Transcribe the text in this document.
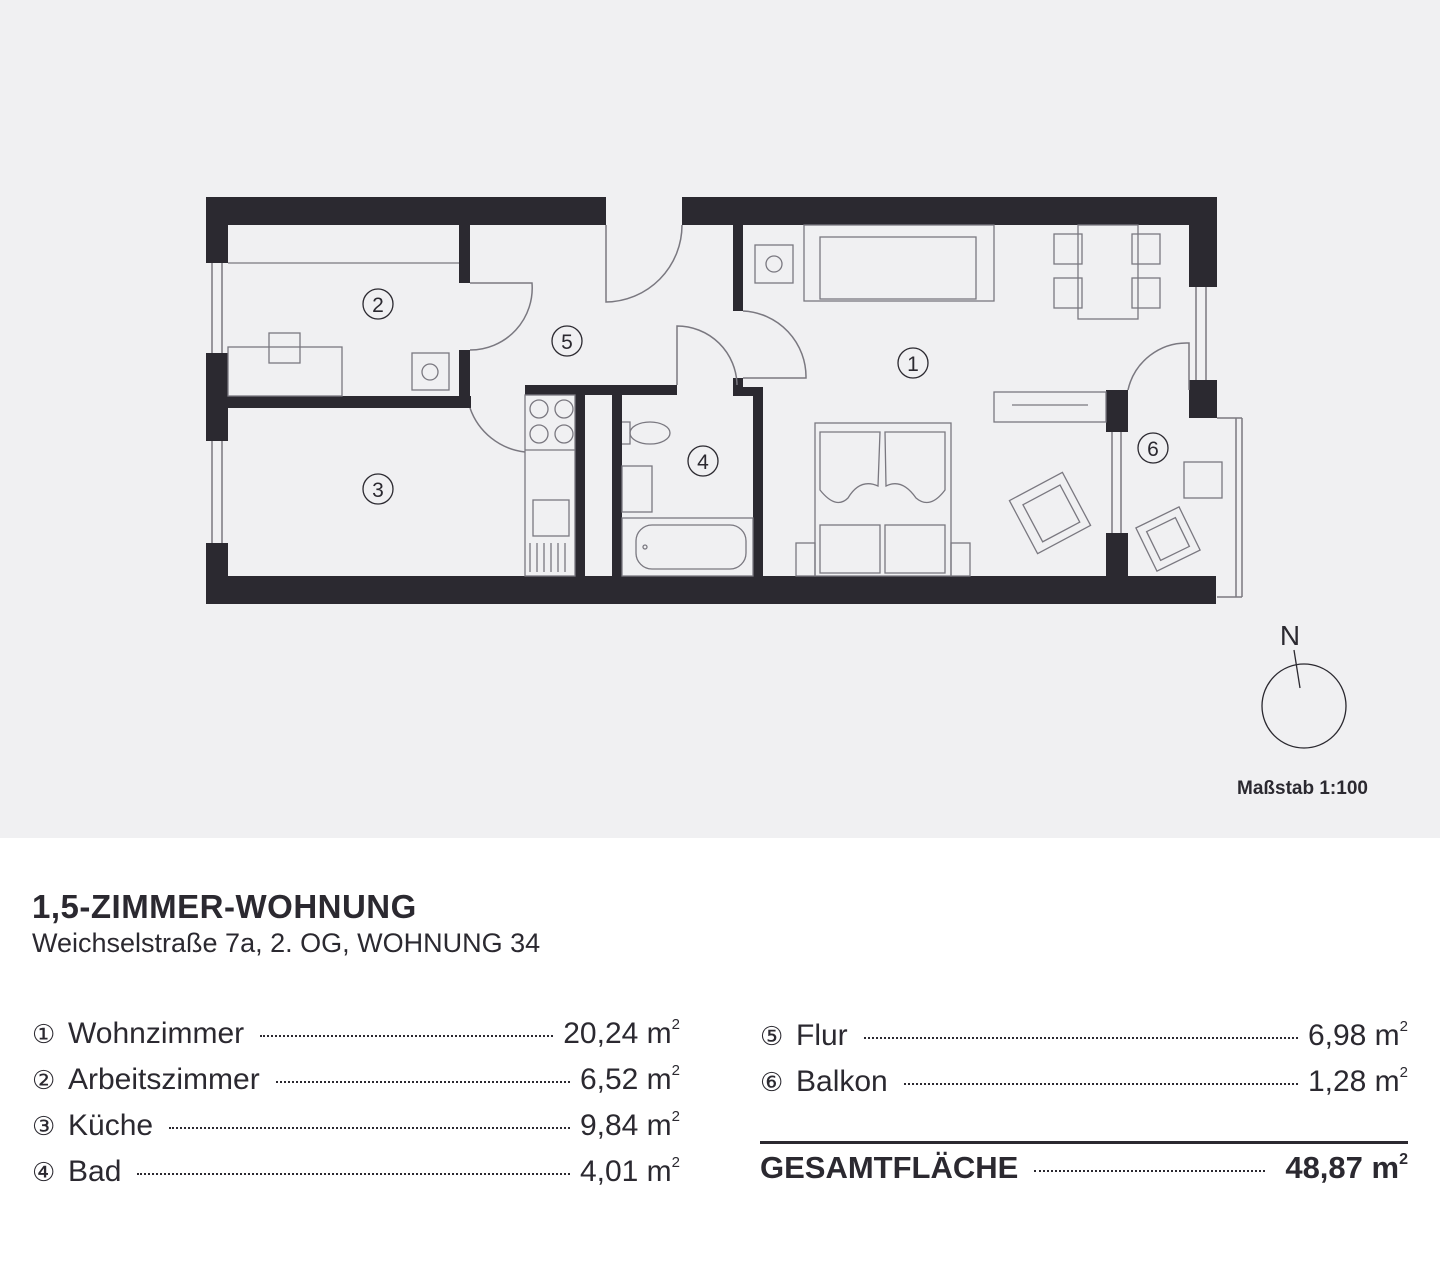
1
2
3
4
5
6
N
Maßstab 1:100
1,5-ZIMMER-WOHNUNG
Weichselstraße 7a, 2. OG, WOHNUNG 34
① Wohnzimmer	20,24 $m^2$
② Arbeitszimmer	6,52 $m^2$
③ Küche	9,84 $m^2$
④ Bad	4,01 $m^2$
⑤ Flur	6,98 $m^2$
⑥ Balkon	1,28 $m^2$
GESAMTFLÄCHE	48,87 $m^2$
